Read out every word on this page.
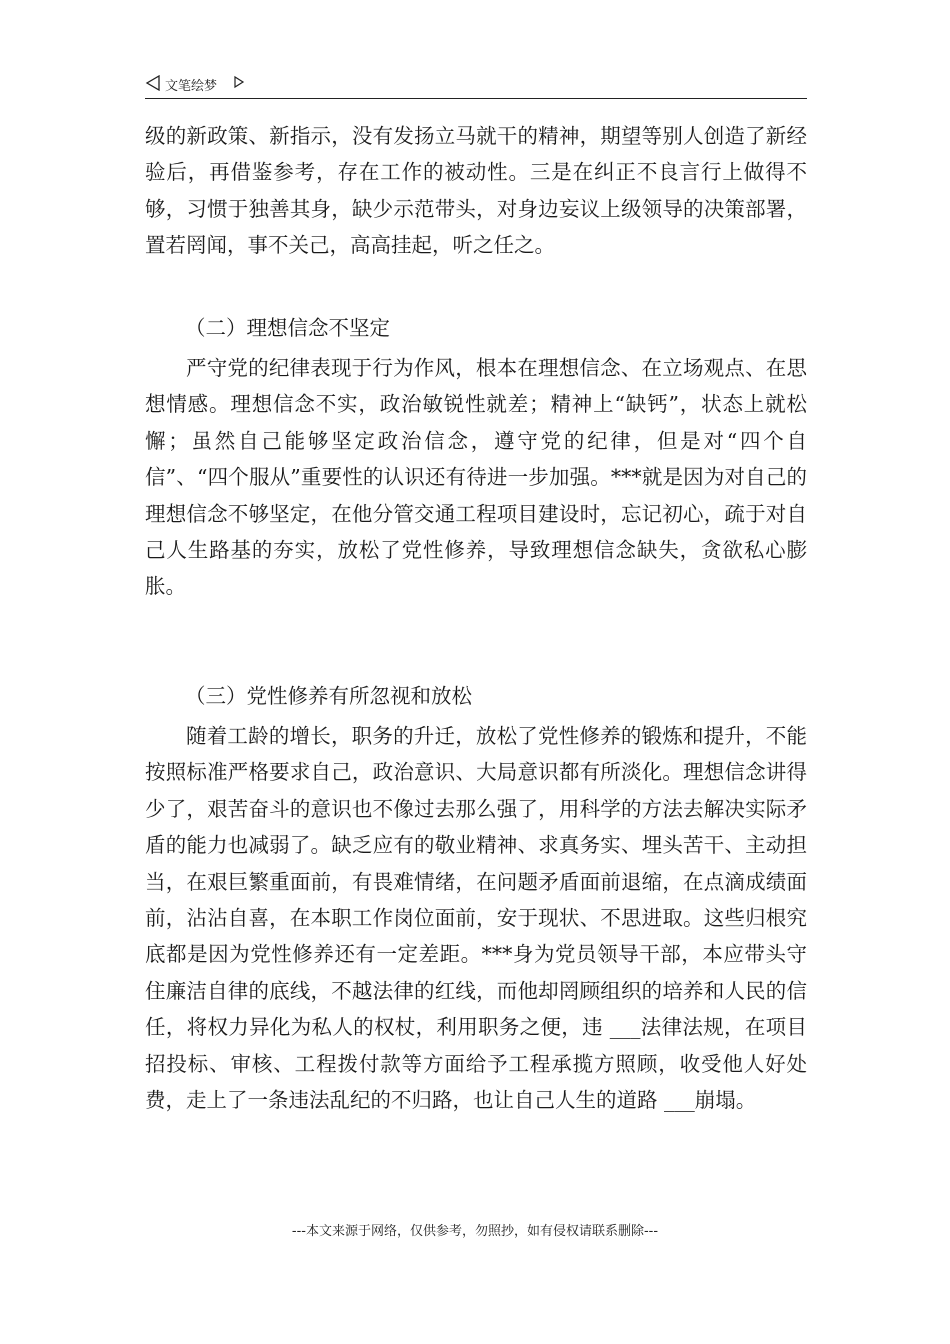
文笔绘梦

级的新政策、新指示，没有发扬立马就干的精神，期望等别人创造了新经验后，再借鉴参考，存在工作的被动性。三是在纠正不良言行上做得不够，习惯于独善其身，缺少示范带头，对身边妄议上级领导的决策部署，置若罔闻，事不关己，高高挂起，听之任之。

（二）理想信念不坚定

严守党的纪律表现于行为作风，根本在理想信念、在立场观点、在思想情感。理想信念不实，政治敏锐性就差；精神上“缺钙”，状态上就松懈；虽然自己能够坚定政治信念，遵守党的纪律，但是对“四个自信”、“四个服从”重要性的认识还有待进一步加强。***就是因为对自己的理想信念不够坚定，在他分管交通工程项目建设时，忘记初心，疏于对自己人生路基的夯实，放松了党性修养，导致理想信念缺失，贪欲私心膨胀。

（三）党性修养有所忽视和放松

随着工龄的增长，职务的升迁，放松了党性修养的锻炼和提升，不能按照标准严格要求自己，政治意识、大局意识都有所淡化。理想信念讲得少了，艰苦奋斗的意识也不像过去那么强了，用科学的方法去解决实际矛盾的能力也减弱了。缺乏应有的敬业精神、求真务实、埋头苦干、主动担当，在艰巨繁重面前，有畏难情绪，在问题矛盾面前退缩，在点滴成绩面前，沾沾自喜，在本职工作岗位面前，安于现状、不思进取。这些归根究底都是因为党性修养还有一定差距。***身为党员领导干部，本应带头守住廉洁自律的底线，不越法律的红线，而他却罔顾组织的培养和人民的信任，将权力异化为私人的权杖，利用职务之便，违 ___法律法规，在项目招投标、审核、工程拨付款等方面给予工程承揽方照顾，收受他人好处费，走上了一条违法乱纪的不归路，也让自己人生的道路 ___崩塌。

---本文来源于网络，仅供参考，勿照抄，如有侵权请联系删除---
